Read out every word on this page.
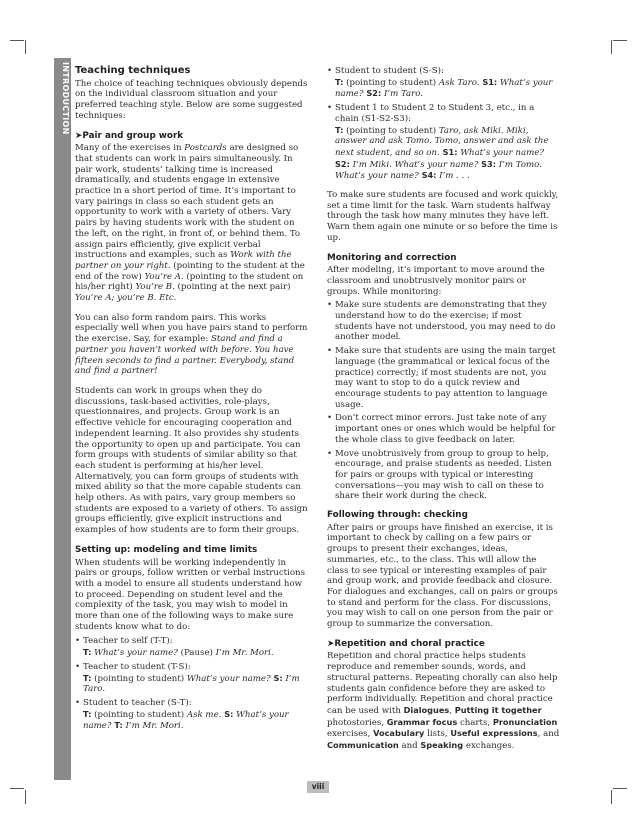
INTRODUCTION Teaching techniques

The choice of teaching techniques obviously depends on the individual classroom situation and your preferred teaching style. Below are some suggested techniques:

➤Pair and group work

Many of the exercises in Postcards are designed so that students can work in pairs simultaneously. In pair work, students’ talking time is increased dramatically, and students engage in extensive practice in a short period of time. It’s important to vary pairings in class so each student gets an opportunity to work with a variety of others. Vary pairs by having students work with the student on the left, on the right, in front of, or behind them. To assign pairs efficiently, give explicit verbal instructions and examples, such as Work with the partner on your right. (pointing to the student at the end of the row) You’re A. (pointing to the student on his/her right) You’re B. (pointing at the next pair) You’re A; you’re B. Etc.

You can also form random pairs. This works especially well when you have pairs stand to perform the exercise. Say, for example: Stand and find a partner you haven’t worked with before. You have fifteen seconds to find a partner. Everybody, stand and find a partner!

Students can work in groups when they do discussions, task-based activities, role-plays, questionnaires, and projects. Group work is an effective vehicle for encouraging cooperation and independent learning. It also provides shy students the opportunity to open up and participate. You can form groups with students of similar ability so that each student is performing at his/her level. Alternatively, you can form groups of students with mixed ability so that the more capable students can help others. As with pairs, vary group members so students are exposed to a variety of others. To assign groups efficiently, give explicit instructions and examples of how students are to form their groups.

Setting up: modeling and time limits

When students will be working independently in pairs or groups, follow written or verbal instructions with a model to ensure all students understand how to proceed. Depending on student level and the complexity of the task, you may wish to model in more than one of the following ways to make sure students know what to do:

• Teacher to self (T-T):
T: What’s your name? (Pause) I’m Mr. Mori.
• Teacher to student (T-S):
T: (pointing to student) What’s your name? S: I’m Taro.
• Student to teacher (S-T):
T: (pointing to student) Ask me. S: What’s your name? T: I’m Mr. Mori.
• Student to student (S-S):
T: (pointing to student) Ask Taro. S1: What’s your name? S2: I’m Taro.
• Student 1 to Student 2 to Student 3, etc., in a chain (S1-S2-S3):
T: (pointing to student) Taro, ask Miki. Miki, answer and ask Tomo. Tomo, answer and ask the next student, and so on. S1: What’s your name? S2: I’m Miki. What’s your name? S3: I’m Tomo. What’s your name? S4: I’m . . .

To make sure students are focused and work quickly, set a time limit for the task. Warn students halfway through the task how many minutes they have left. Warn them again one minute or so before the time is up.

Monitoring and correction

After modeling, it’s important to move around the classroom and unobtrusively monitor pairs or groups. While monitoring:

• Make sure students are demonstrating that they understand how to do the exercise; if most students have not understood, you may need to do another model.
• Make sure that students are using the main target language (the grammatical or lexical focus of the practice) correctly; if most students are not, you may want to stop to do a quick review and encourage students to pay attention to language usage.
• Don’t correct minor errors. Just take note of any important ones or ones which would be helpful for the whole class to give feedback on later.
• Move unobtrusively from group to group to help, encourage, and praise students as needed. Listen for pairs or groups with typical or interesting conversations—you may wish to call on these to share their work during the check.
Following through: checking

After pairs or groups have finished an exercise, it is important to check by calling on a few pairs or groups to present their exchanges, ideas, summaries, etc., to the class. This will allow the class to see typical or interesting examples of pair and group work, and provide feedback and closure. For dialogues and exchanges, call on pairs or groups to stand and perform for the class. For discussions, you may wish to call on one person from the pair or group to summarize the conversation.

➤Repetition and choral practice

Repetition and choral practice helps students reproduce and remember sounds, words, and structural patterns. Repeating chorally can also help students gain confidence before they are asked to perform individually. Repetition and choral practice can be used with Dialogues, Putting it together photostories, Grammar focus charts, Pronunciation exercises, Vocabulary lists, Useful expressions, and Communication and Speaking exchanges.

viii
